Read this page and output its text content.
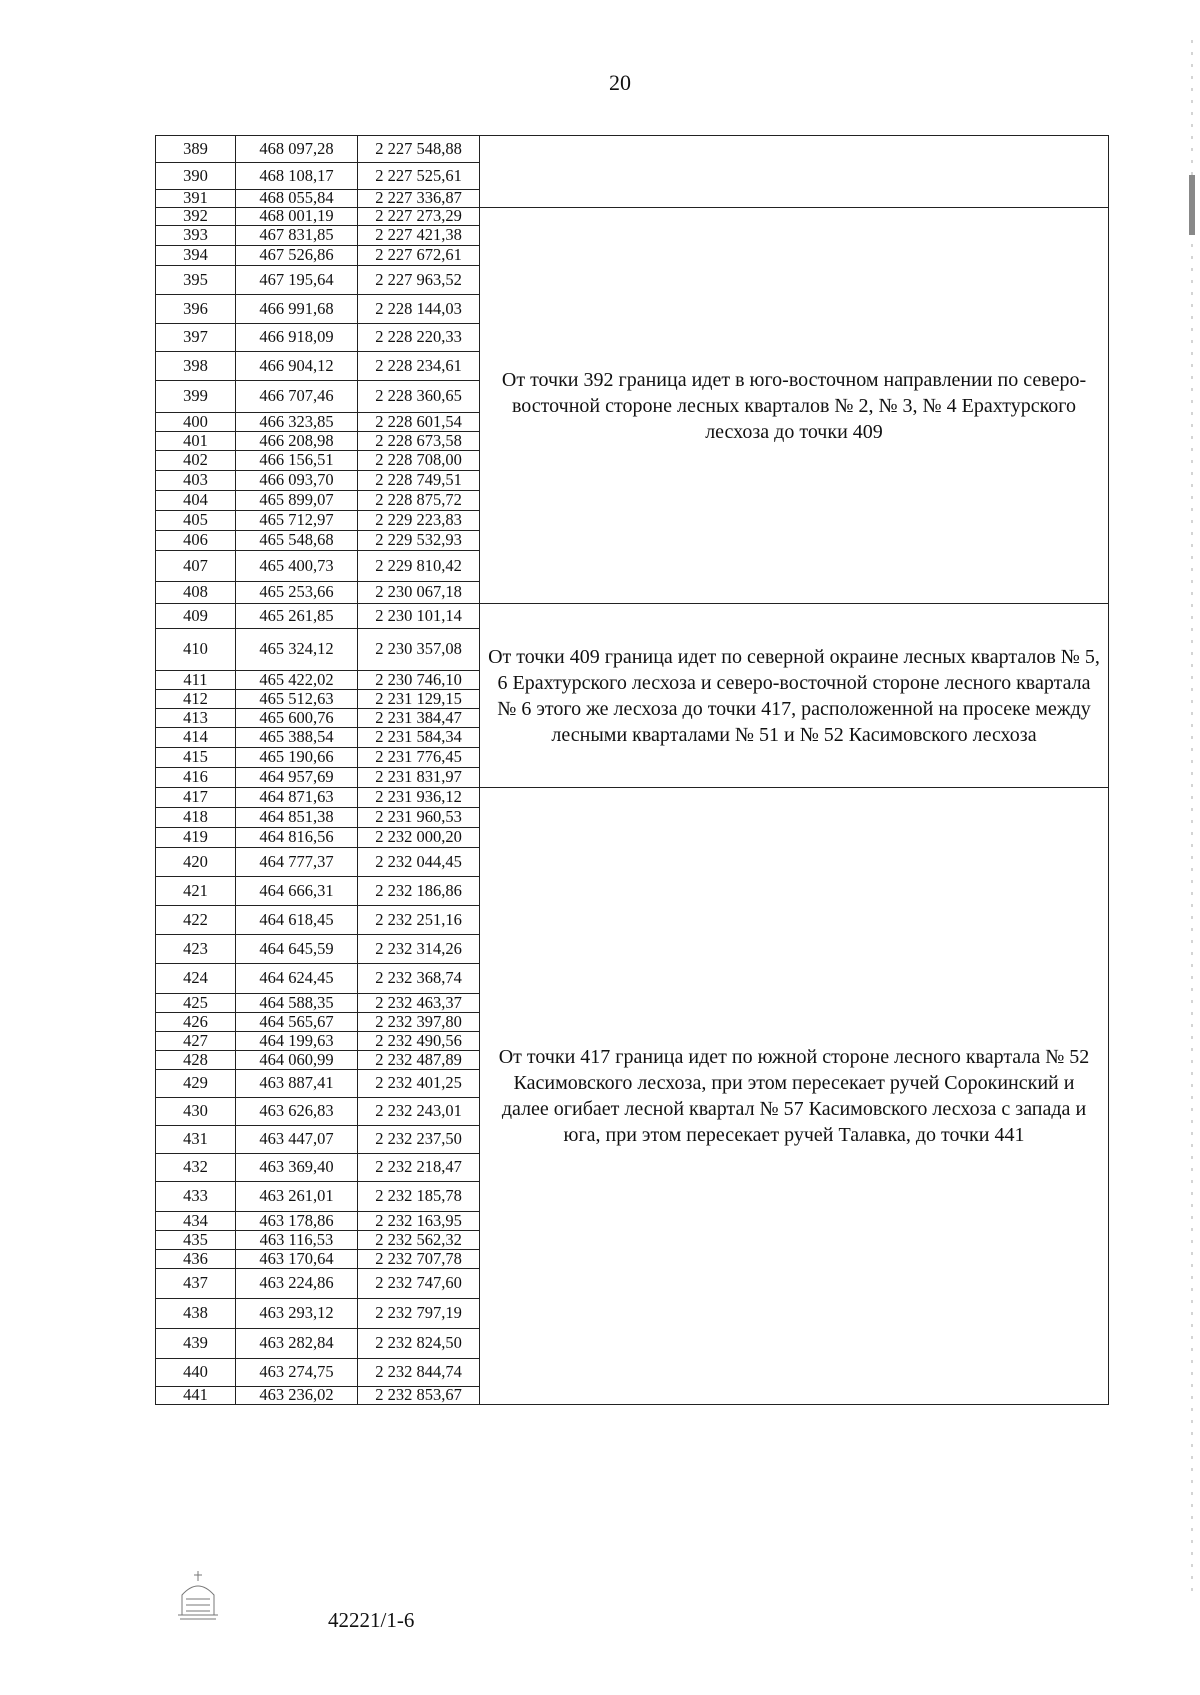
20
389	468 097,28	2 227 548,88	
390	468 108,17	2 227 525,61	
391	468 055,84	2 227 336,87	
392	468 001,19	2 227 273,29	От точки 392 граница идет в юго-восточном направлении по северо-восточной стороне лесных кварталов № 2, № 3, № 4 Ерахтурского лесхоза до точки 409
393	467 831,85	2 227 421,38	
394	467 526,86	2 227 672,61	
395	467 195,64	2 227 963,52	
396	466 991,68	2 228 144,03	
397	466 918,09	2 228 220,33	
398	466 904,12	2 228 234,61	
399	466 707,46	2 228 360,65	
400	466 323,85	2 228 601,54	
401	466 208,98	2 228 673,58	
402	466 156,51	2 228 708,00	
403	466 093,70	2 228 749,51	
404	465 899,07	2 228 875,72	
405	465 712,97	2 229 223,83	
406	465 548,68	2 229 532,93	
407	465 400,73	2 229 810,42	
408	465 253,66	2 230 067,18	
409	465 261,85	2 230 101,14	От точки 409 граница идет по северной окраине лесных кварталов № 5, 6 Ерахтурского лесхоза и северо-восточной стороне лесного квартала № 6 этого же лесхоза до точки 417, расположенной на просеке между лесными кварталами № 51 и № 52 Касимовского лесхоза
410	465 324,12	2 230 357,08	
411	465 422,02	2 230 746,10	
412	465 512,63	2 231 129,15	
413	465 600,76	2 231 384,47	
414	465 388,54	2 231 584,34	
415	465 190,66	2 231 776,45	
416	464 957,69	2 231 831,97	
417	464 871,63	2 231 936,12	От точки 417 граница идет по южной стороне лесного квартала № 52 Касимовского лесхоза, при этом пересекает ручей Сорокинский и далее огибает лесной квартал № 57 Касимовского лесхоза с запада и юга, при этом пересекает ручей Талавка, до точки 441
418	464 851,38	2 231 960,53	
419	464 816,56	2 232 000,20	
420	464 777,37	2 232 044,45	
421	464 666,31	2 232 186,86	
422	464 618,45	2 232 251,16	
423	464 645,59	2 232 314,26	
424	464 624,45	2 232 368,74	
425	464 588,35	2 232 463,37	
426	464 565,67	2 232 397,80	
427	464 199,63	2 232 490,56	
428	464 060,99	2 232 487,89	
429	463 887,41	2 232 401,25	
430	463 626,83	2 232 243,01	
431	463 447,07	2 232 237,50	
432	463 369,40	2 232 218,47	
433	463 261,01	2 232 185,78	
434	463 178,86	2 232 163,95	
435	463 116,53	2 232 562,32	
436	463 170,64	2 232 707,78	
437	463 224,86	2 232 747,60	
438	463 293,12	2 232 797,19	
439	463 282,84	2 232 824,50	
440	463 274,75	2 232 844,74	
441	463 236,02	2 232 853,67	
42221/1-6
